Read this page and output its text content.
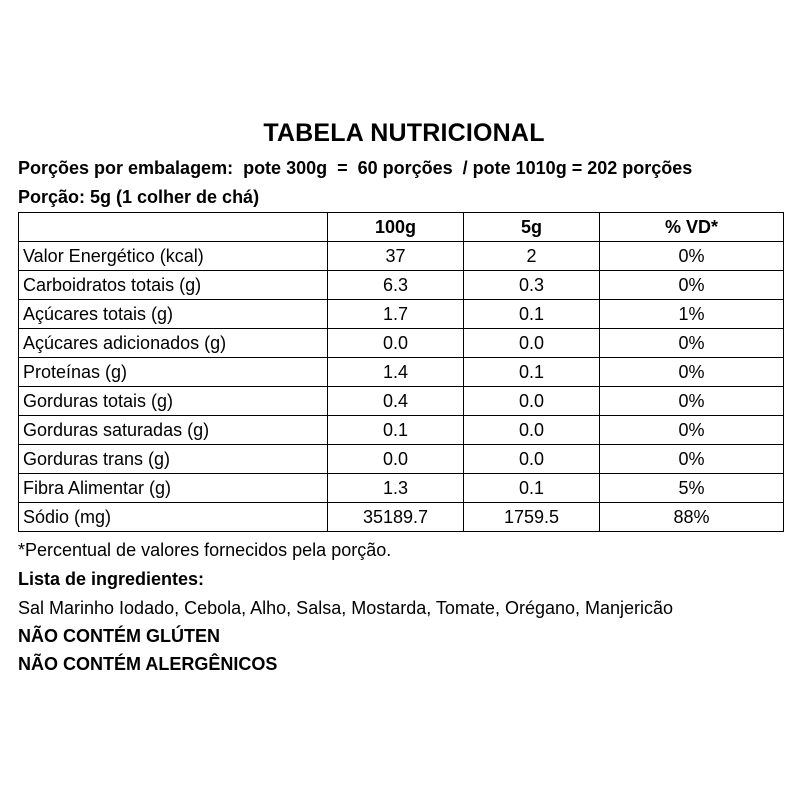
TABELA NUTRICIONAL
Porções por embalagem:  pote 300g  =  60 porções  / pote 1010g = 202 porções
Porção: 5g (1 colher de chá)
	100g	5g	% VD*
Valor Energético (kcal)	37	2	0%
Carboidratos totais (g)	6.3	0.3	0%
Açúcares totais (g)	1.7	0.1	1%
Açúcares adicionados (g)	0.0	0.0	0%
Proteínas (g)	1.4	0.1	0%
Gorduras totais (g)	0.4	0.0	0%
Gorduras saturadas (g)	0.1	0.0	0%
Gorduras trans (g)	0.0	0.0	0%
Fibra Alimentar (g)	1.3	0.1	5%
Sódio (mg)	35189.7	1759.5	88%
*Percentual de valores fornecidos pela porção.
Lista de ingredientes:
Sal Marinho Iodado, Cebola, Alho, Salsa, Mostarda, Tomate, Orégano, Manjericão
NÃO CONTÉM GLÚTEN
NÃO CONTÉM ALERGÊNICOS
